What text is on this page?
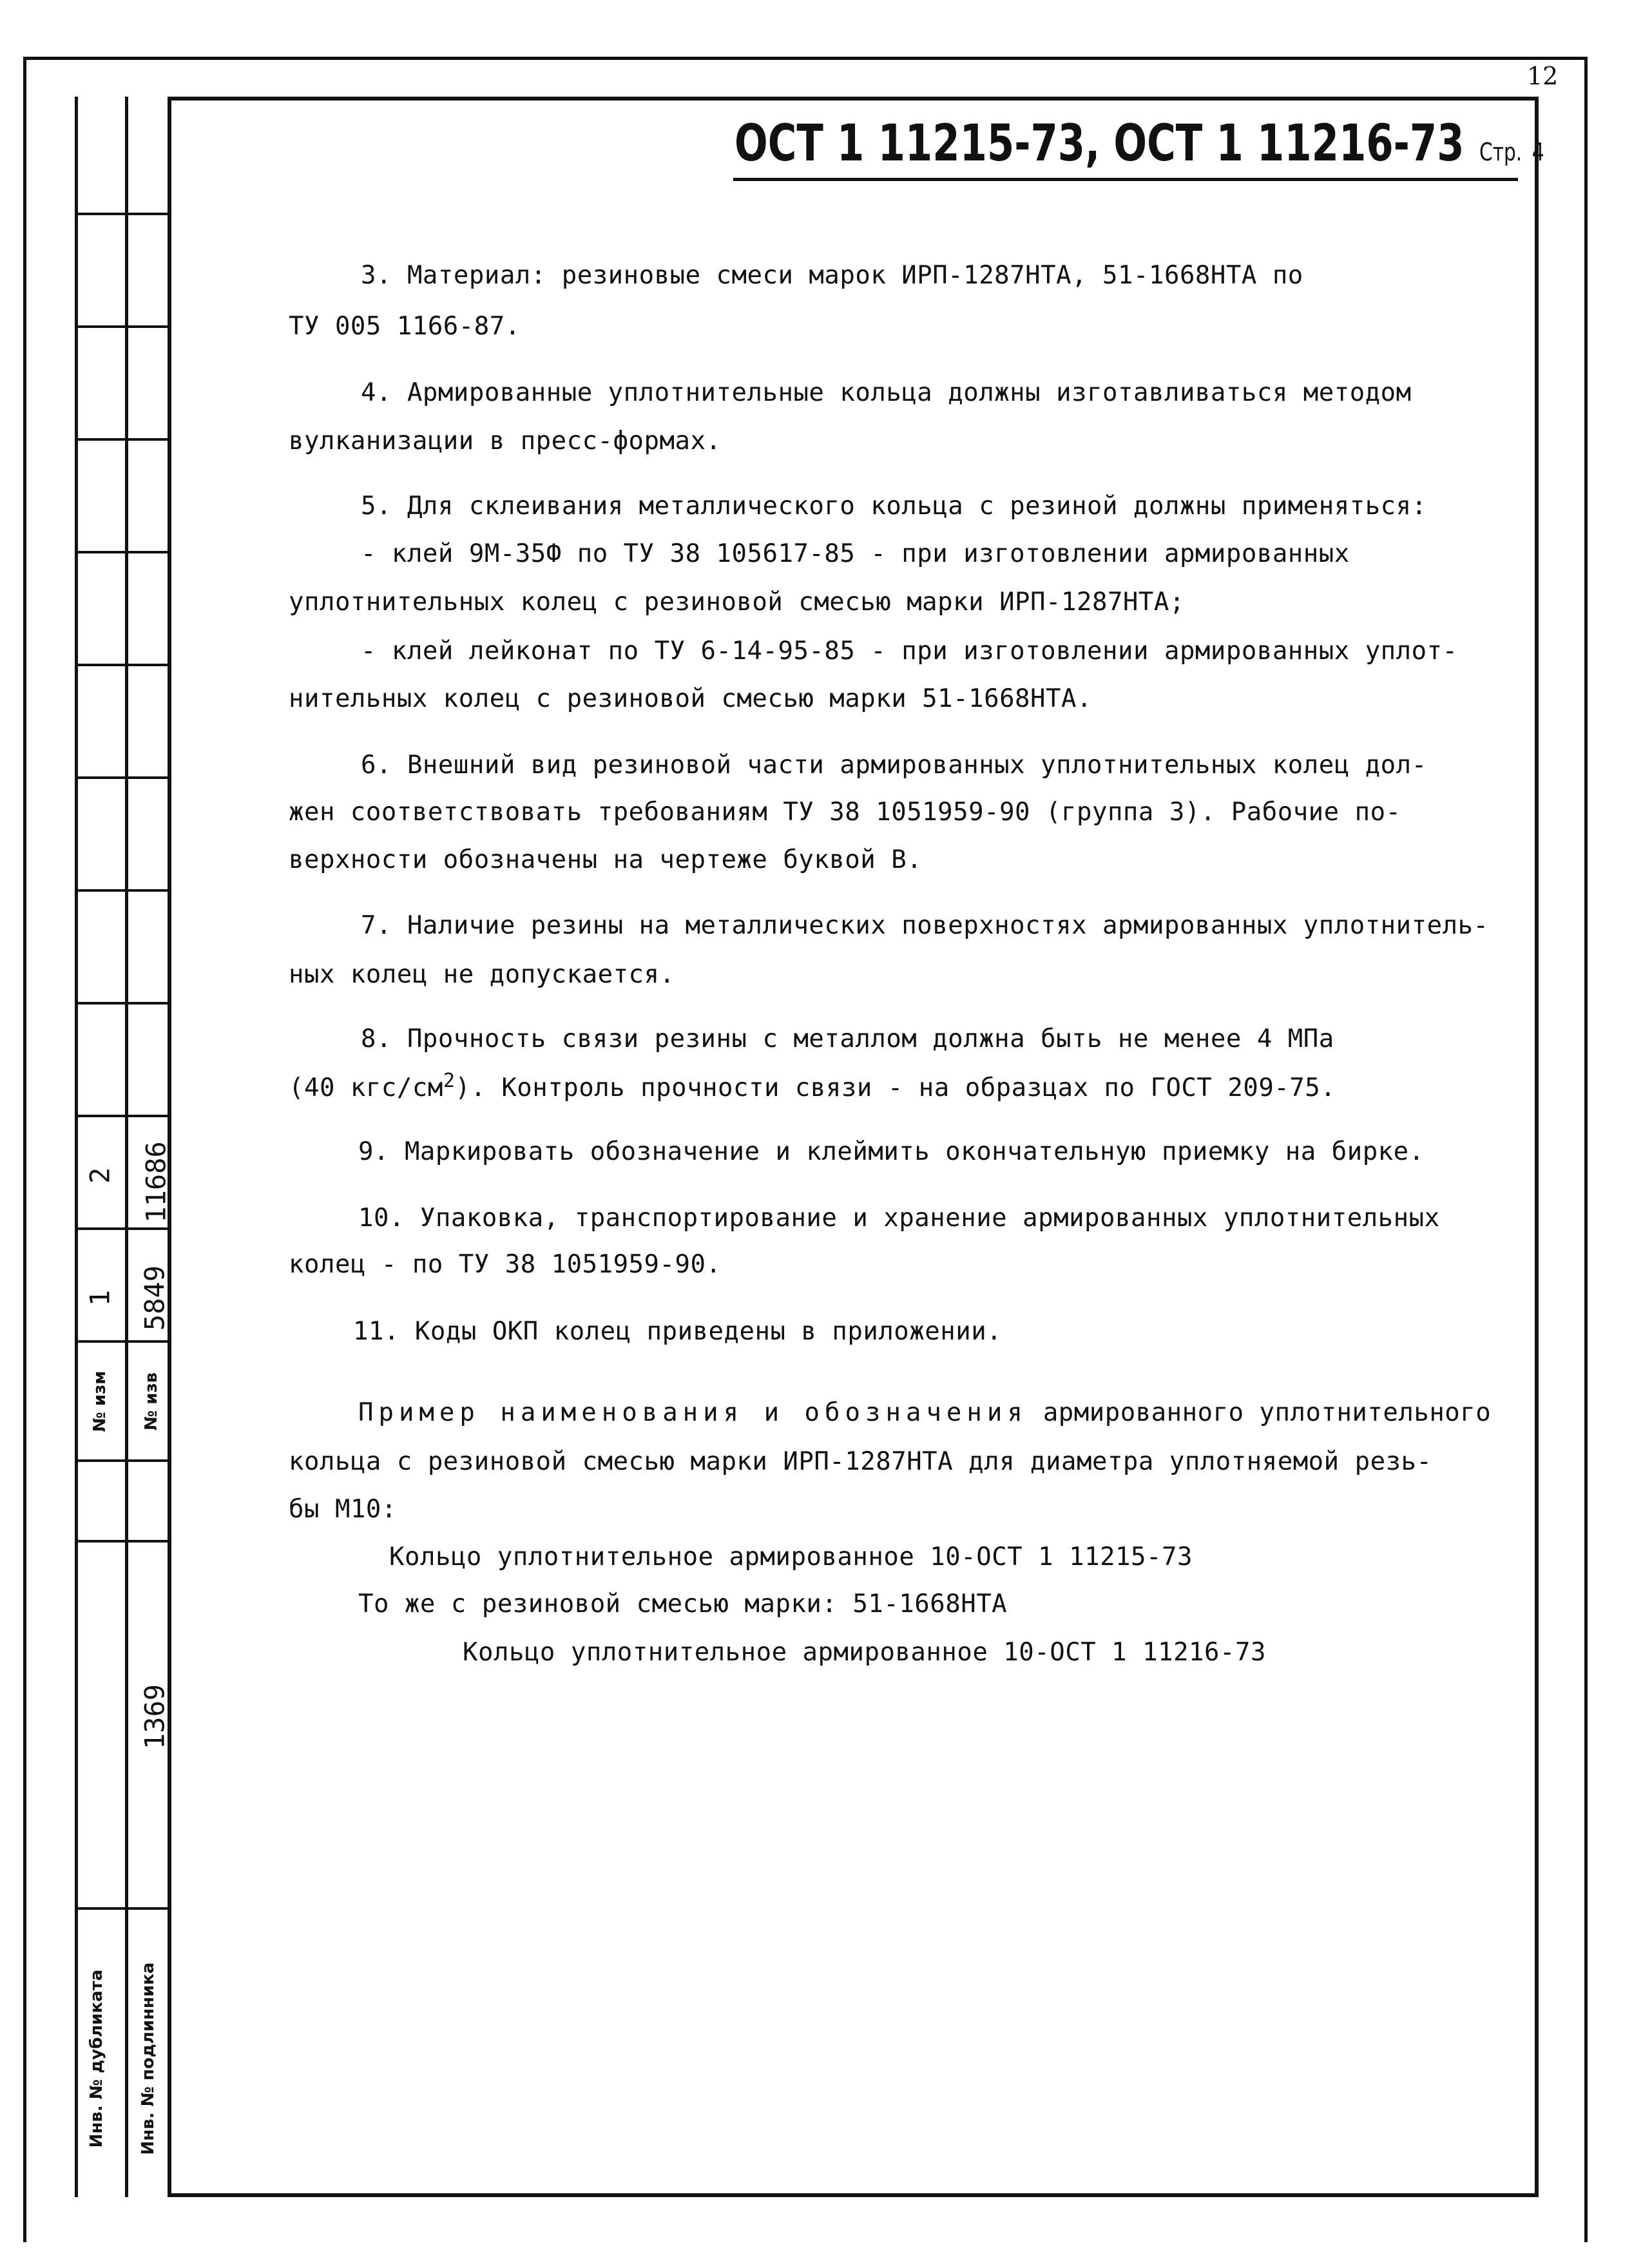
12
2
1
11686
5849
№ изм № изв
1369
Инв. № дубликата Инв. № подлинника
ОСТ 1 11215-73, ОСТ 1 11216-73 Стр. 4
3. Материал: резиновые смеси марок ИРП-1287НТА, 51-1668НТА по
ТУ 005 1166-87.
4. Армированные уплотнительные кольца должны изготавливаться методом
вулканизации в пресс-формах.
5. Для склеивания металлического кольца с резиной должны применяться:
- клей 9М-35Ф по ТУ 38 105617-85 - при изготовлении армированных
уплотнительных колец с резиновой смесью марки ИРП-1287НТА;
- клей лейконат по ТУ 6-14-95-85 - при изготовлении армированных уплот-
нительных колец с резиновой смесью марки 51-1668НТА.
6. Внешний вид резиновой части армированных уплотнительных колец дол-
жен соответствовать требованиям ТУ 38 1051959-90 (группа 3). Рабочие по-
верхности обозначены на чертеже буквой В.
7. Наличие резины на металлических поверхностях армированных уплотнитель-
ных колец не допускается.
8. Прочность связи резины с металлом должна быть не менее 4 МПа
(40 кгс/$см^2$). Контроль прочности связи - на образцах по ГОСТ 209-75.
9. Маркировать обозначение и клеймить окончательную приемку на бирке.
10. Упаковка, транспортирование и хранение армированных уплотнительных
колец - по ТУ 38 1051959-90.
11. Коды ОКП колец приведены в приложении.
Пример наименования и обозначения армированного уплотнительного
кольца с резиновой смесью марки ИРП-1287НТА для диаметра уплотняемой резь-
бы М10:
Кольцо уплотнительное армированное 10-ОСТ 1 11215-73
То же с резиновой смесью марки: 51-1668НТА
Кольцо уплотнительное армированное 10-ОСТ 1 11216-73
